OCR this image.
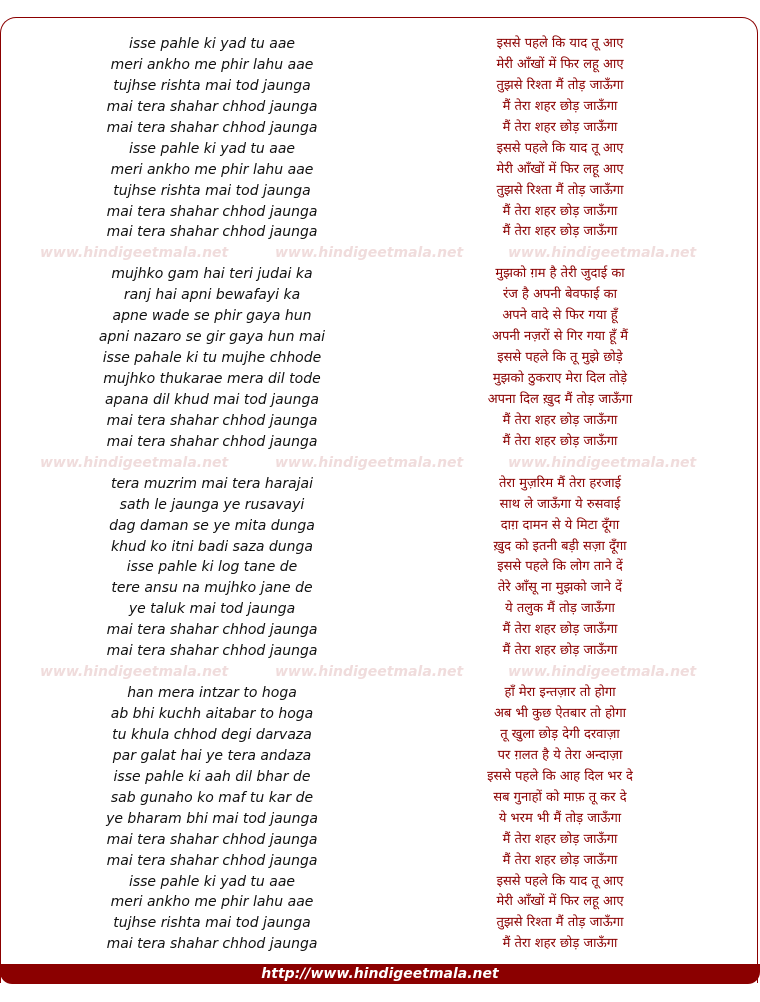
isse pahle ki yad tu aae	इससे पहले कि याद तू आए
meri ankho me phir lahu aae	मेरी आँखों में फिर लहू आए
tujhse rishta mai tod jaunga	तुझसे रिश्ता मैं तोड़ जाऊँगा
mai tera shahar chhod jaunga	मैं तेरा शहर छोड़ जाऊँगा
mai tera shahar chhod jaunga	मैं तेरा शहर छोड़ जाऊँगा
isse pahle ki yad tu aae	इससे पहले कि याद तू आए
meri ankho me phir lahu aae	मेरी आँखों में फिर लहू आए
tujhse rishta mai tod jaunga	तुझसे रिश्ता मैं तोड़ जाऊँगा
mai tera shahar chhod jaunga	मैं तेरा शहर छोड़ जाऊँगा
mai tera shahar chhod jaunga	मैं तेरा शहर छोड़ जाऊँगा
www.hindigeetmala.net	www.hindigeetmala.net	www.hindigeetmala.net
mujhko gam hai teri judai ka	मुझको ग़म है तेरी जुदाई का
ranj hai apni bewafayi ka	रंज है अपनी बेवफाई का
apne wade se phir gaya hun	अपने वादे से फिर गया हूँ
apni nazaro se gir gaya hun mai	अपनी नज़रों से गिर गया हूँ मैं
isse pahale ki tu mujhe chhode	इससे पहले कि तू मुझे छोड़े
mujhko thukarae mera dil tode	मुझको ठुकराए मेरा दिल तोड़े
apana dil khud mai tod jaunga	अपना दिल ख़ुद मैं तोड़ जाऊँगा
mai tera shahar chhod jaunga	मैं तेरा शहर छोड़ जाऊँगा
mai tera shahar chhod jaunga	मैं तेरा शहर छोड़ जाऊँगा
www.hindigeetmala.net	www.hindigeetmala.net	www.hindigeetmala.net
tera muzrim mai tera harajai	तेरा मुज़रिम मैं तेरा हरजाई
sath le jaunga ye rusavayi	साथ ले जाऊँगा ये रुसवाई
dag daman se ye mita dunga	दाग़ दामन से ये मिटा दूँगा
khud ko itni badi saza dunga	ख़ुद को इतनी बड़ी सज़ा दूँगा
isse pahle ki log tane de	इससे पहले कि लोग ताने दें
tere ansu na mujhko jane de	तेरे आँसू ना मुझको जाने दें
ye taluk mai tod jaunga	ये तलुक मैं तोड़ जाऊँगा
mai tera shahar chhod jaunga	मैं तेरा शहर छोड़ जाऊँगा
mai tera shahar chhod jaunga	मैं तेरा शहर छोड़ जाऊँगा
www.hindigeetmala.net	www.hindigeetmala.net	www.hindigeetmala.net
han mera intzar to hoga	हाँ मेरा इन्तज़ार तो होगा
ab bhi kuchh aitabar to hoga	अब भी कुछ ऐतबार तो होगा
tu khula chhod degi darvaza	तू खुला छोड़ देगी दरवाज़ा
par galat hai ye tera andaza	पर ग़लत है ये तेरा अन्दाज़ा
isse pahle ki aah dil bhar de	इससे पहले कि आह दिल भर दे
sab gunaho ko maf tu kar de	सब गुनाहों को माफ़ तू कर दे
ye bharam bhi mai tod jaunga	ये भरम भी मैं तोड़ जाऊँगा
mai tera shahar chhod jaunga	मैं तेरा शहर छोड़ जाऊँगा
mai tera shahar chhod jaunga	मैं तेरा शहर छोड़ जाऊँगा
isse pahle ki yad tu aae	इससे पहले कि याद तू आए
meri ankho me phir lahu aae	मेरी आँखों में फिर लहू आए
tujhse rishta mai tod jaunga	तुझसे रिश्ता मैं तोड़ जाऊँगा
mai tera shahar chhod jaunga	मैं तेरा शहर छोड़ जाऊँगा
http://www.hindigeetmala.net
